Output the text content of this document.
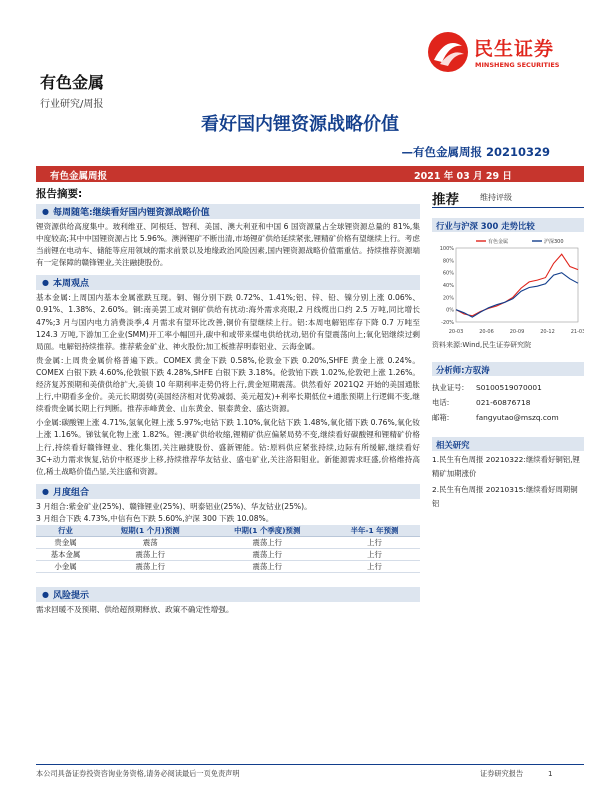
民生证券
MINSHENG SECURITIES
有色金属
行业研究/周报
看好国内锂资源战略价值
—有色金属周报 20210329
有色金属周报	2021 年 03 月 29 日
报告摘要:
● 每周随笔:继续看好国内锂资源战略价值

锂资源供给高度集中。玻利维亚、阿根廷、智利、美国、澳大利亚和中国 6 国资源量占全球锂资源总量的 81%,集中度较高;其中中国锂资源占比 5.96%。澳洲锂矿不断出清,市场锂矿供给延续紧张,锂精矿价格有望继续上行。考虑当前锂在电动车、储能等应用领域的需求前景以及地缘政治风险因素,国内锂资源战略价值需重估。持续推荐资源端有一定保障的赣锋锂业,关注融捷股份。

● 本周观点

基本金属:上周国内基本金属涨跌互现。铜、锡分别下跌 0.72%、1.41%;铝、锌、铅、镍分别上涨 0.06%、0.91%、1.38%、2.60%。铜:南美罢工或对铜矿供给有扰动:海外需求亮眼,2 月线缆出口约 2.5 万吨,同比增长 47%;3 月与国内电力消费淡季,4 月需求有望环比改善,铜价有望继续上行。铝:本周电解铝库存下降 0.7 万吨至 124.3 万吨,下游加工企业(SMM)开工率小幅回升,碳中和或带来煤电供给扰动,铝价有望震荡向上;氧化铝继续过剩局面。电解铝持续推荐。推荐紫金矿业、神火股份;加工板推荐明泰铝业、云海金属。

贵金属:上周贵金属价格普遍下跌。COMEX 黄金下跌 0.58%,伦敦金下跌 0.20%,SHFE 黄金上涨 0.24%。COMEX 白银下跌 4.60%,伦敦银下跌 4.28%,SHFE 白银下跌 3.18%。伦敦铂下跌 1.02%,伦敦钯上涨 1.26%。经济复苏预期和美债供给扩大,美债 10 年期利率走势仍将上行,黄金短期震荡。供然看好 2021Q2 开始的美国通胀上行,中期看多金价。美元长期弱势(美国经济相对优势减弱、美元超发)+利率长期低位+通胀预期上行逻辑不变,继续看贵金属长期上行判断。推荐赤峰黄金、山东黄金、银泰黄金、盛达资源。

小金属:碳酸锂上涨 4.71%,氢氧化锂上涨 5.97%;电钴下跌 1.10%,氧化钴下跌 1.48%,氧化镨下跌 0.76%,氧化钕上涨 1.16%。锑钛氧化物上涨 1.82%。锂:澳矿供给收缩,锂精矿供应偏紧局势不变,继续看好碳酸锂和锂精矿价格上行,持续看好赣锋锂业、雅化集团,关注融捷股份、盛新锂能。钴:原料供应紧张持续,边际有所缓解,继续看好 3C+动力需求恢复,钴价中枢逐步上移,持续推荐华友钴业、盛屯矿业,关注洛阳钼业。新能源需求旺盛,价格维持高位,稀土战略价值凸显,关注盛和资源。

● 月度组合
3 月组合:紫金矿业(25%)、赣锋锂业(25%)、明泰铝业(25%)、华友钴业(25%)。
3 月组合下跌 4.73%,中信有色下跌 5.60%,沪深 300 下跌 10.08%。
行业	短期(1 个月)预测	中期(1 个季度)预测	半年-1 年预测
贵金属	震荡	震荡上行	上行
基本金属	震荡上行	震荡上行	上行
小金属	震荡上行	震荡上行	上行
● 风险提示

需求回暖不及预期、供给超预期释放、政策不确定性增强。

推荐	维持评级
行业与沪深 300 走势比较
100%
80%
60%
40%
20%
0%
-20%
20-03	20-06	20-09	20-12	21-03
有色金属	沪深300
资料来源:Wind,民生证券研究院
分析师:方驭涛
执业证号:	S0100519070001
电话:	021-60876718
邮箱:	fangyutao@mszq.com
相关研究
1.民生有色周报 20210322:继续看好铜铝,锂精矿加期涨价
2.民生有色周报 20210315:继续看好周期铜铝
本公司具备证券投资咨询业务资格,请务必阅读最后一页免责声明	证券研究报告	1
